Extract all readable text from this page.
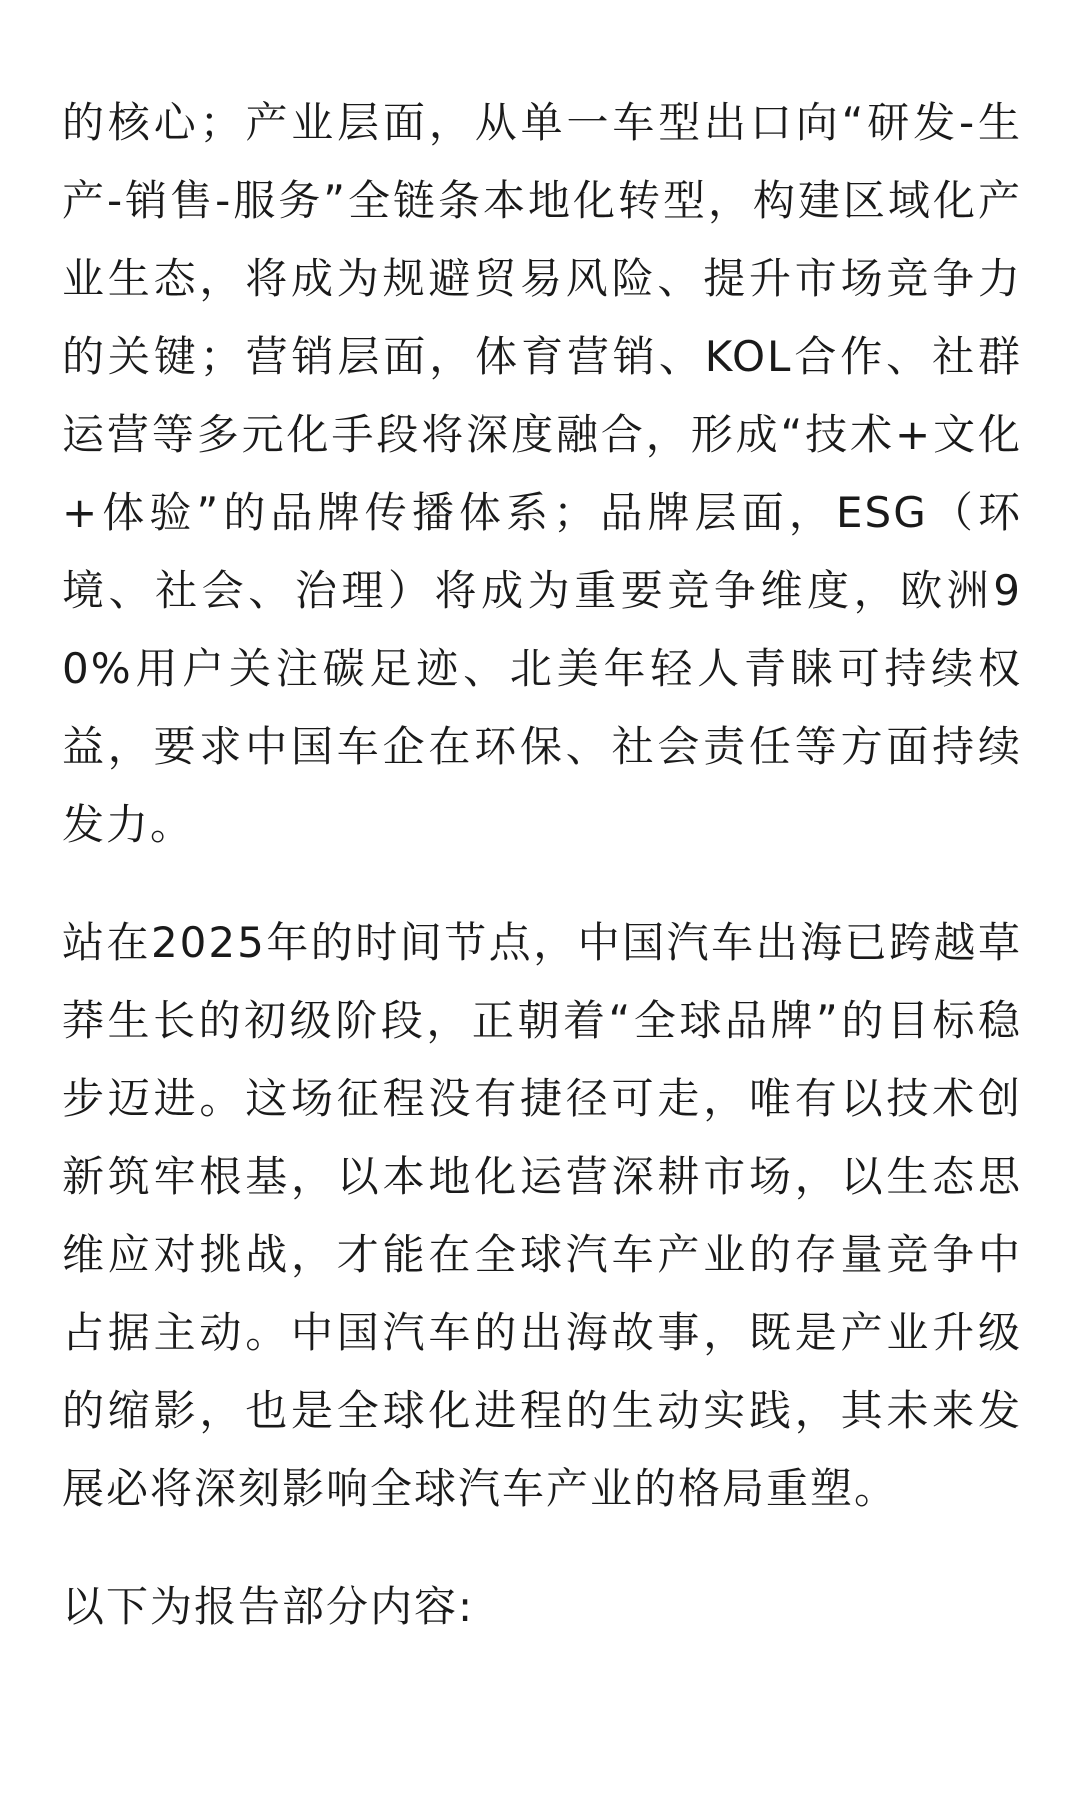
的核心；产业层面，从单一车型出口向“研发-生产-销售-服务”全链条本地化转型，构建区域化产业生态，将成为规避贸易风险、提升市场竞争力的关键；营销层面，体育营销、KOL合作、社群运营等多元化手段将深度融合，形成“技术+文化+体验”的品牌传播体系；品牌层面，ESG（环境、社会、治理）将成为重要竞争维度，欧洲90%用户关注碳足迹、北美年轻人青睐可持续权益，要求中国车企在环保、社会责任等方面持续发力。

站在2025年的时间节点，中国汽车出海已跨越草莽生长的初级阶段，正朝着“全球品牌”的目标稳步迈进。这场征程没有捷径可走，唯有以技术创新筑牢根基，以本地化运营深耕市场，以生态思维应对挑战，才能在全球汽车产业的存量竞争中占据主动。中国汽车的出海故事，既是产业升级的缩影，也是全球化进程的生动实践，其未来发展必将深刻影响全球汽车产业的格局重塑。

以下为报告部分内容:
